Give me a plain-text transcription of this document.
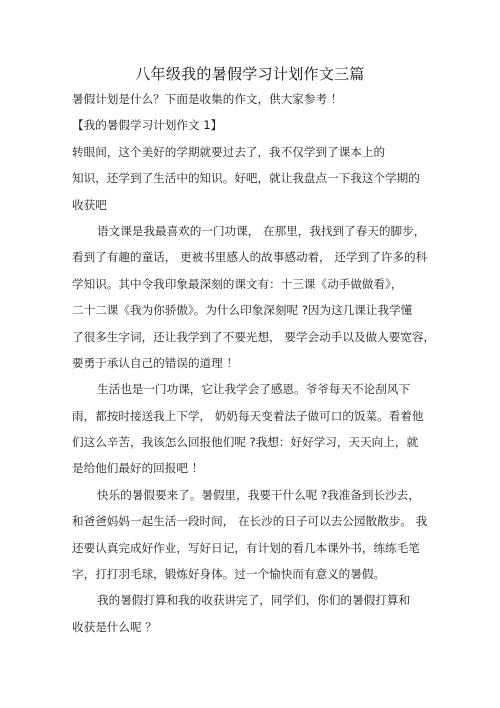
八年级我的暑假学习计划作文三篇
暑假计划是什么？下面是收集的作文，供大家参考 ！
【我的暑假学习计划作文 1】
转眼间，这个美好的学期就要过去了，我不仅学到了课本上的
知识，还学到了生活中的知识。好吧，就让我盘点一下我这个学期的
收获吧
语文课是我最喜欢的一门功课， 在那里，我找到了春天的脚步，
看到了有趣的童话， 更被书里感人的故事感动着， 还学到了许多的科
学知识。其中令我印象最深刻的课文有：十三课《动手做做看》，
二十二课《我为你骄傲》。为什么印象深刻呢 ?因为这几课让我学懂
了很多生字词，还让我学到了不要光想， 要学会动手以及做人要宽容，
要勇于承认自己的错误的道理 ！
生活也是一门功课，它让我学会了感恩。爷爷每天不论刮风下
雨，都按时接送我上下学， 奶奶每天变着法子做可口的饭菜。看着他
们这么辛苦，我该怎么回报他们呢 ?我想：好好学习，天天向上，就
是给他们最好的回报吧 ！
快乐的暑假要来了。暑假里，我要干什么呢 ?我准备到长沙去，
和爸爸妈妈一起生活一段时间， 在长沙的日子可以去公园散散步。 我
还要认真完成好作业，写好日记，有计划的看几本课外书，练练毛笔
字，打打羽毛球，锻炼好身体。过一个愉快而有意义的暑假。
我的暑假打算和我的收获讲完了，同学们，你们的暑假打算和
收获是什么呢 ？
